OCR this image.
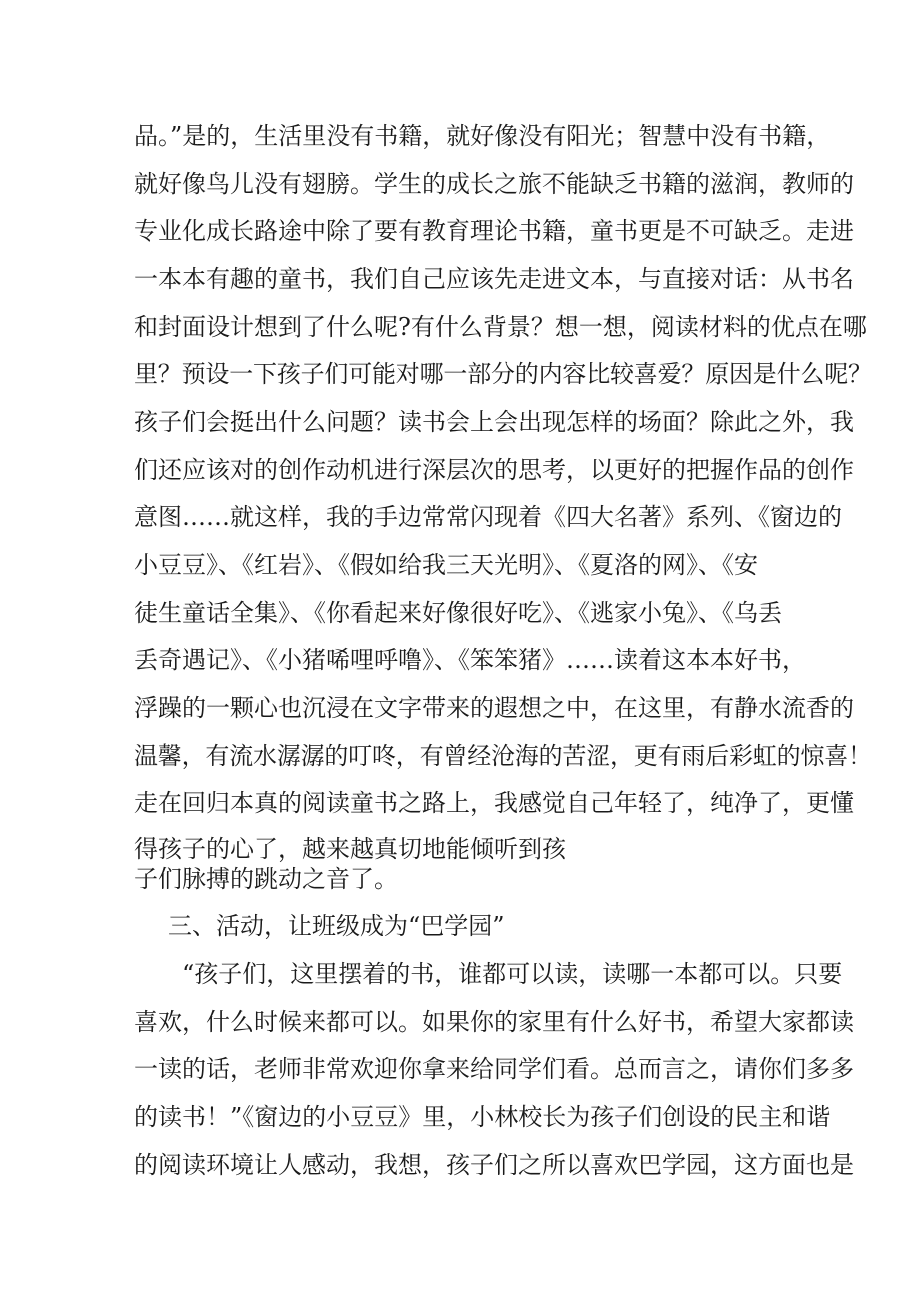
品。”是的，生活里没有书籍，就好像没有阳光；智慧中没有书籍，
就好像鸟儿没有翅膀。学生的成长之旅不能缺乏书籍的滋润，教师的
专业化成长路途中除了要有教育理论书籍，童书更是不可缺乏。走进
一本本有趣的童书，我们自己应该先走进文本，与直接对话：从书名
和封面设计想到了什么呢?有什么背景？想一想，阅读材料的优点在哪
里？预设一下孩子们可能对哪一部分的内容比较喜爱？原因是什么呢？
孩子们会挺出什么问题？读书会上会出现怎样的场面？除此之外，我
们还应该对的创作动机进行深层次的思考，以更好的把握作品的创作
意图……就这样，我的手边常常闪现着《四大名著》系列、《窗边的
小豆豆》、《红岩》、《假如给我三天光明》、《夏洛的网》、《安
徒生童话全集》、《你看起来好像很好吃》、《逃家小兔》、《乌丢
丢奇遇记》、《小猪唏哩呼噜》、《笨笨猪》……读着这本本好书，
浮躁的一颗心也沉浸在文字带来的遐想之中，在这里，有静水流香的
温馨，有流水潺潺的叮咚，有曾经沧海的苦涩，更有雨后彩虹的惊喜！
走在回归本真的阅读童书之路上，我感觉自己年轻了，纯净了，更懂
得孩子的心了，越来越真切地能倾听到孩
子们脉搏的跳动之音了。
三、活动，让班级成为“巴学园”
“孩子们，这里摆着的书，谁都可以读，读哪一本都可以。只要
喜欢，什么时候来都可以。如果你的家里有什么好书，希望大家都读
一读的话，老师非常欢迎你拿来给同学们看。总而言之，请你们多多
的读书！”《窗边的小豆豆》里，小林校长为孩子们创设的民主和谐
的阅读环境让人感动，我想，孩子们之所以喜欢巴学园，这方面也是
